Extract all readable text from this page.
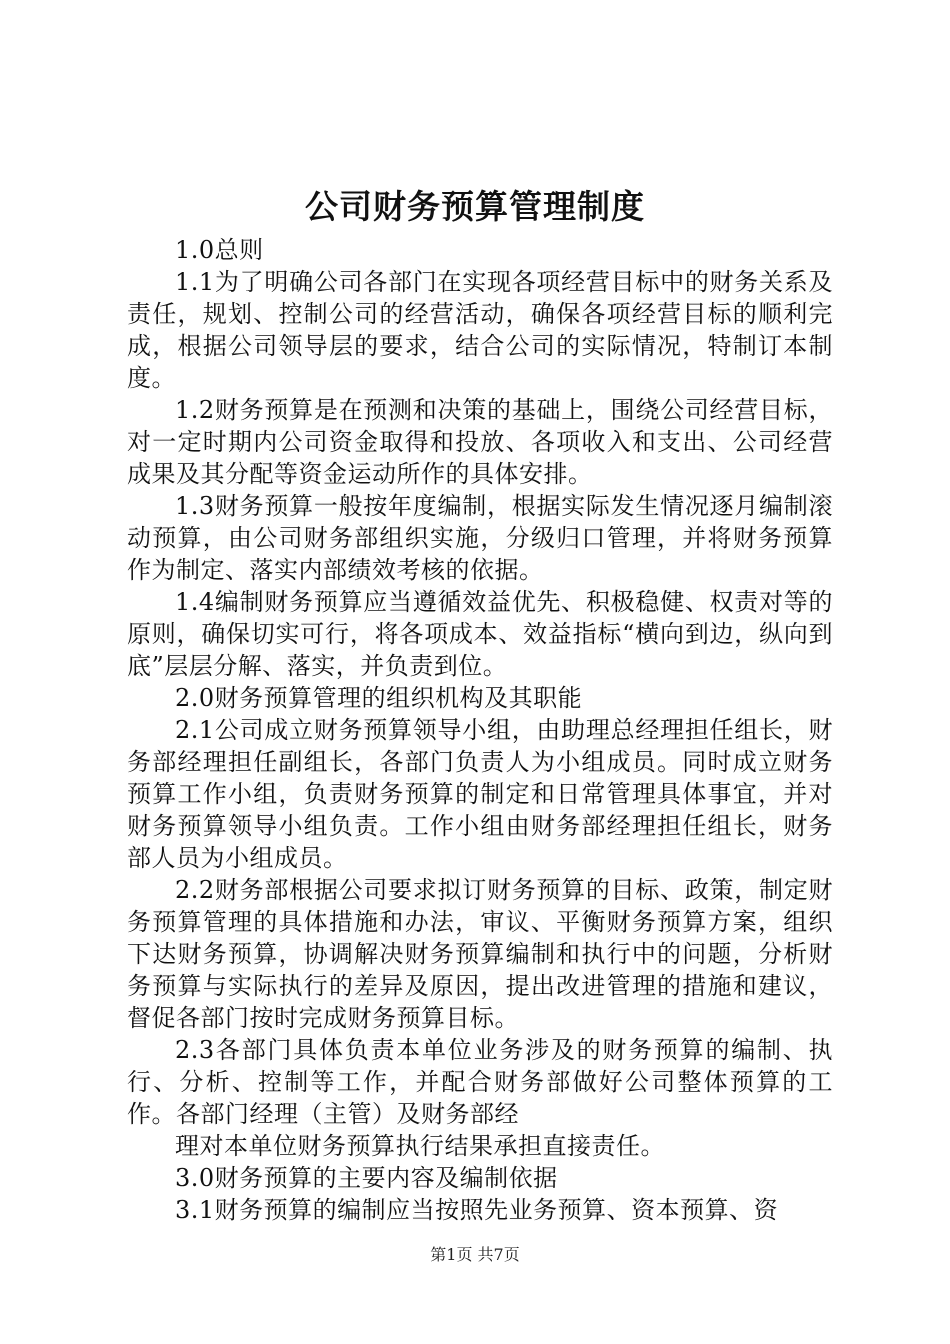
公司财务预算管理制度

1.0总则

1.1为了明确公司各部门在实现各项经营目标中的财务关系及责任，规划、控制公司的经营活动，确保各项经营目标的顺利完成，根据公司领导层的要求，结合公司的实际情况，特制订本制度。

1.2财务预算是在预测和决策的基础上，围绕公司经营目标，对一定时期内公司资金取得和投放、各项收入和支出、公司经营成果及其分配等资金运动所作的具体安排。

1.3财务预算一般按年度编制，根据实际发生情况逐月编制滚动预算，由公司财务部组织实施，分级归口管理，并将财务预算作为制定、落实内部绩效考核的依据。

1.4编制财务预算应当遵循效益优先、积极稳健、权责对等的原则，确保切实可行，将各项成本、效益指标“横向到边，纵向到底”层层分解、落实，并负责到位。

2.0财务预算管理的组织机构及其职能

2.1公司成立财务预算领导小组，由助理总经理担任组长，财务部经理担任副组长，各部门负责人为小组成员。同时成立财务预算工作小组，负责财务预算的制定和日常管理具体事宜，并对财务预算领导小组负责。工作小组由财务部经理担任组长，财务部人员为小组成员。

2.2财务部根据公司要求拟订财务预算的目标、政策，制定财务预算管理的具体措施和办法，审议、平衡财务预算方案，组织下达财务预算，协调解决财务预算编制和执行中的问题，分析财务预算与实际执行的差异及原因，提出改进管理的措施和建议，督促各部门按时完成财务预算目标。

2.3各部门具体负责本单位业务涉及的财务预算的编制、执行、分析、控制等工作，并配合财务部做好公司整体预算的工作。各部门经理（主管）及财务部经

理对本单位财务预算执行结果承担直接责任。

3.0财务预算的主要内容及编制依据

3.1财务预算的编制应当按照先业务预算、资本预算、资

第1页 共7页
